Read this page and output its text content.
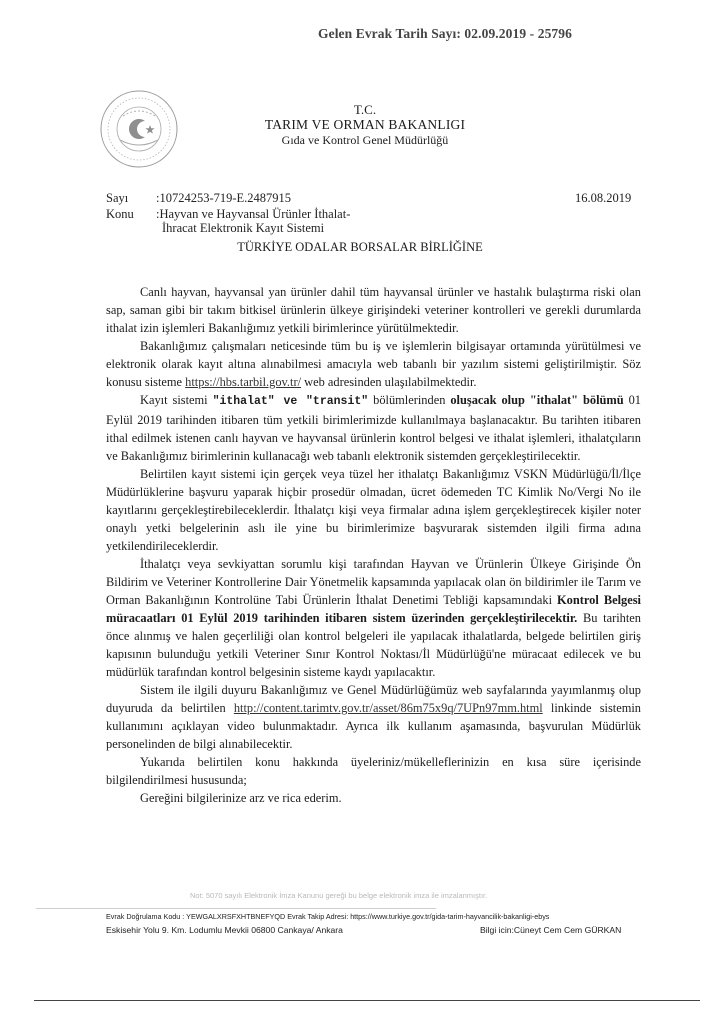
Gelen Evrak Tarih Sayı: 02.09.2019 - 25796
T.C.
TARIM VE ORMAN BAKANLIGI
Gıda ve Kontrol Genel Müdürlüğü
Sayı :10724253-719-E.2487915	16.08.2019
Konu :Hayvan ve Hayvansal Ürünler İthalat-
İhracat Elektronik Kayıt Sistemi
TÜRKİYE ODALAR BORSALAR BİRLİĞİNE

Canlı hayvan, hayvansal yan ürünler dahil tüm hayvansal ürünler ve hastalık bulaştırma riski olan sap, saman gibi bir takım bitkisel ürünlerin ülkeye girişindeki veteriner kontrolleri ve gerekli durumlarda ithalat izin işlemleri Bakanlığımız yetkili birimlerince yürütülmektedir.

Bakanlığımız çalışmaları neticesinde tüm bu iş ve işlemlerin bilgisayar ortamında yürütülmesi ve elektronik olarak kayıt altına alınabilmesi amacıyla web tabanlı bir yazılım sistemi geliştirilmiştir. Söz konusu sisteme https://hbs.tarbil.gov.tr/ web adresinden ulaşılabilmektedir.

Kayıt sistemi "ithalat" ve "transit" bölümlerinden oluşacak olup "ithalat" bölümü 01 Eylül 2019 tarihinden itibaren tüm yetkili birimlerimizde kullanılmaya başlanacaktır. Bu tarihten itibaren ithal edilmek istenen canlı hayvan ve hayvansal ürünlerin kontrol belgesi ve ithalat işlemleri, ithalatçıların ve Bakanlığımız birimlerinin kullanacağı web tabanlı elektronik sistemden gerçekleştirilecektir.

Belirtilen kayıt sistemi için gerçek veya tüzel her ithalatçı Bakanlığımız VSKN Müdürlüğü/İl/İlçe Müdürlüklerine başvuru yaparak hiçbir prosedür olmadan, ücret ödemeden TC Kimlik No/Vergi No ile kayıtlarını gerçekleştirebileceklerdir. İthalatçı kişi veya firmalar adına işlem gerçekleştirecek kişiler noter onaylı yetki belgelerinin aslı ile yine bu birimlerimize başvurarak sistemden ilgili firma adına yetkilendirileceklerdir.

İthalatçı veya sevkiyattan sorumlu kişi tarafından Hayvan ve Ürünlerin Ülkeye Girişinde Ön Bildirim ve Veteriner Kontrollerine Dair Yönetmelik kapsamında yapılacak olan ön bildirimler ile Tarım ve Orman Bakanlığının Kontrolüne Tabi Ürünlerin İthalat Denetimi Tebliği kapsamındaki Kontrol Belgesi müracaatları 01 Eylül 2019 tarihinden itibaren sistem üzerinden gerçekleştirilecektir. Bu tarihten önce alınmış ve halen geçerliliği olan kontrol belgeleri ile yapılacak ithalatlarda, belgede belirtilen giriş kapısının bulunduğu yetkili Veteriner Sınır Kontrol Noktası/İl Müdürlüğü'ne müracaat edilecek ve bu müdürlük tarafından kontrol belgesinin sisteme kaydı yapılacaktır.

Sistem ile ilgili duyuru Bakanlığımız ve Genel Müdürlüğümüz web sayfalarında yayımlanmış olup duyuruda da belirtilen http://content.tarimtv.gov.tr/asset/86m75x9q/7UPn97mm.html linkinde sistemin kullanımını açıklayan video bulunmaktadır. Ayrıca ilk kullanım aşamasında, başvurulan Müdürlük personelinden de bilgi alınabilecektir.

Yukarıda belirtilen konu hakkında üyeleriniz/mükelleflerinizin en kısa süre içerisinde bilgilendirilmesi hususunda;

Gereğini bilgilerinize arz ve rica ederim.

Not: 5070 sayılı Elektronik İmza Kanunu gereği bu belge elektronik imza ile imzalanmıştır.
Evrak Doğrulama Kodu : YEWGALXRSFXHTBNEFYQD Evrak Takip Adresi: https://www.turkiye.gov.tr/gida-tarim-hayvancilik-bakanligi-ebys
Eskisehir Yolu 9. Km. Lodumlu Mevkii 06800 Cankaya/ Ankara	Bilgi icin:Cüneyt Cem Cem GÜRKAN
